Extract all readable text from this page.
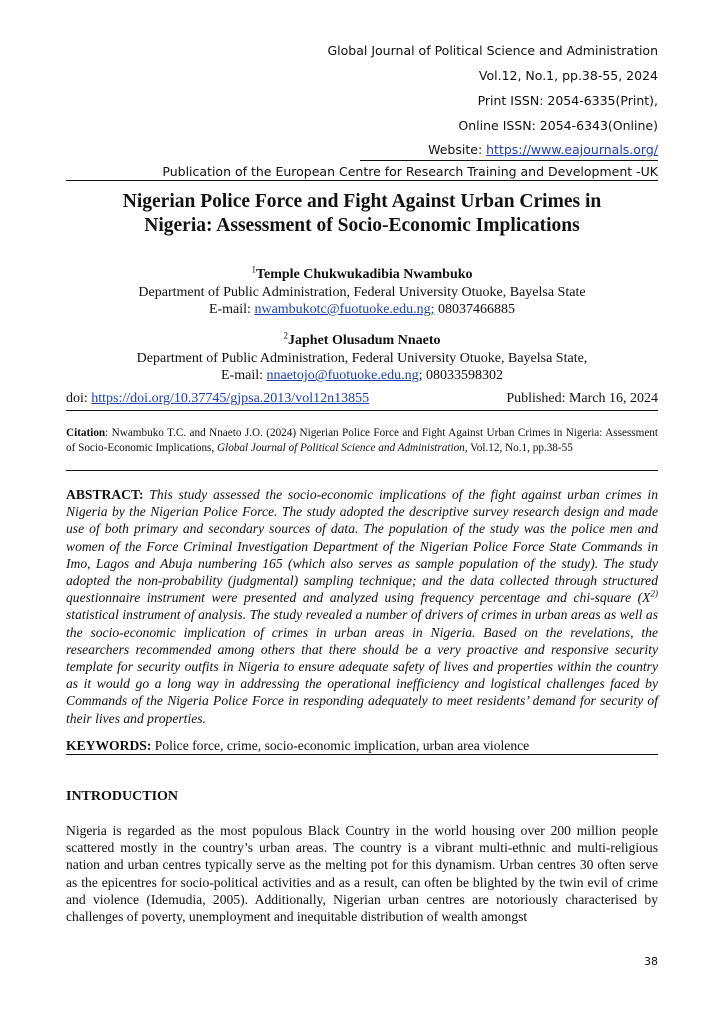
Global Journal of Political Science and Administration
Vol.12, No.1, pp.38-55, 2024
Print ISSN: 2054-6335(Print),
Online ISSN: 2054-6343(Online)
Website: https://www.eajournals.org/
Publication of the European Centre for Research Training and Development -UK
Nigerian Police Force and Fight Against Urban Crimes in
Nigeria: Assessment of Socio-Economic Implications
$^1$Temple Chukwukadibia Nwambuko
Department of Public Administration, Federal University Otuoke, Bayelsa State
E-mail: nwambukotc@fuotuoke.edu.ng; 08037466885
$^2$Japhet Olusadum Nnaeto
Department of Public Administration, Federal University Otuoke, Bayelsa State,
E-mail: nnaetojo@fuotuoke.edu.ng; 08033598302
doi: https://doi.org/10.37745/gjpsa.2013/vol12n13855	Published: March 16, 2024
Citation: Nwambuko T.C. and Nnaeto J.O. (2024) Nigerian Police Force and Fight Against Urban Crimes in Nigeria: Assessment of Socio-Economic Implications, Global Journal of Political Science and Administration, Vol.12, No.1, pp.38-55
ABSTRACT: This study assessed the socio-economic implications of the fight against urban crimes in Nigeria by the Nigerian Police Force. The study adopted the descriptive survey research design and made use of both primary and secondary sources of data. The population of the study was the police men and women of the Force Criminal Investigation Department of the Nigerian Police Force State Commands in Imo, Lagos and Abuja numbering 165 (which also serves as sample population of the study). The study adopted the non-probability (judgmental) sampling technique; and the data collected through structured questionnaire instrument were presented and analyzed using frequency percentage and chi-square ($X^{2)}$ statistical instrument of analysis. The study revealed a number of drivers of crimes in urban areas as well as the socio-economic implication of crimes in urban areas in Nigeria. Based on the revelations, the researchers recommended among others that there should be a very proactive and responsive security template for security outfits in Nigeria to ensure adequate safety of lives and properties within the country as it would go a long way in addressing the operational inefficiency and logistical challenges faced by Commands of the Nigeria Police Force in responding adequately to meet residents’ demand for security of their lives and properties.
KEYWORDS: Police force, crime, socio-economic implication, urban area violence
INTRODUCTION
Nigeria is regarded as the most populous Black Country in the world housing over 200 million people scattered mostly in the country’s urban areas. The country is a vibrant multi-ethnic and multi-religious nation and urban centres typically serve as the melting pot for this dynamism. Urban centres 30 often serve as the epicentres for socio-political activities and as a result, can often be blighted by the twin evil of crime and violence (Idemudia, 2005). Additionally, Nigerian urban centres are notoriously characterised by challenges of poverty, unemployment and inequitable distribution of wealth amongst
38
